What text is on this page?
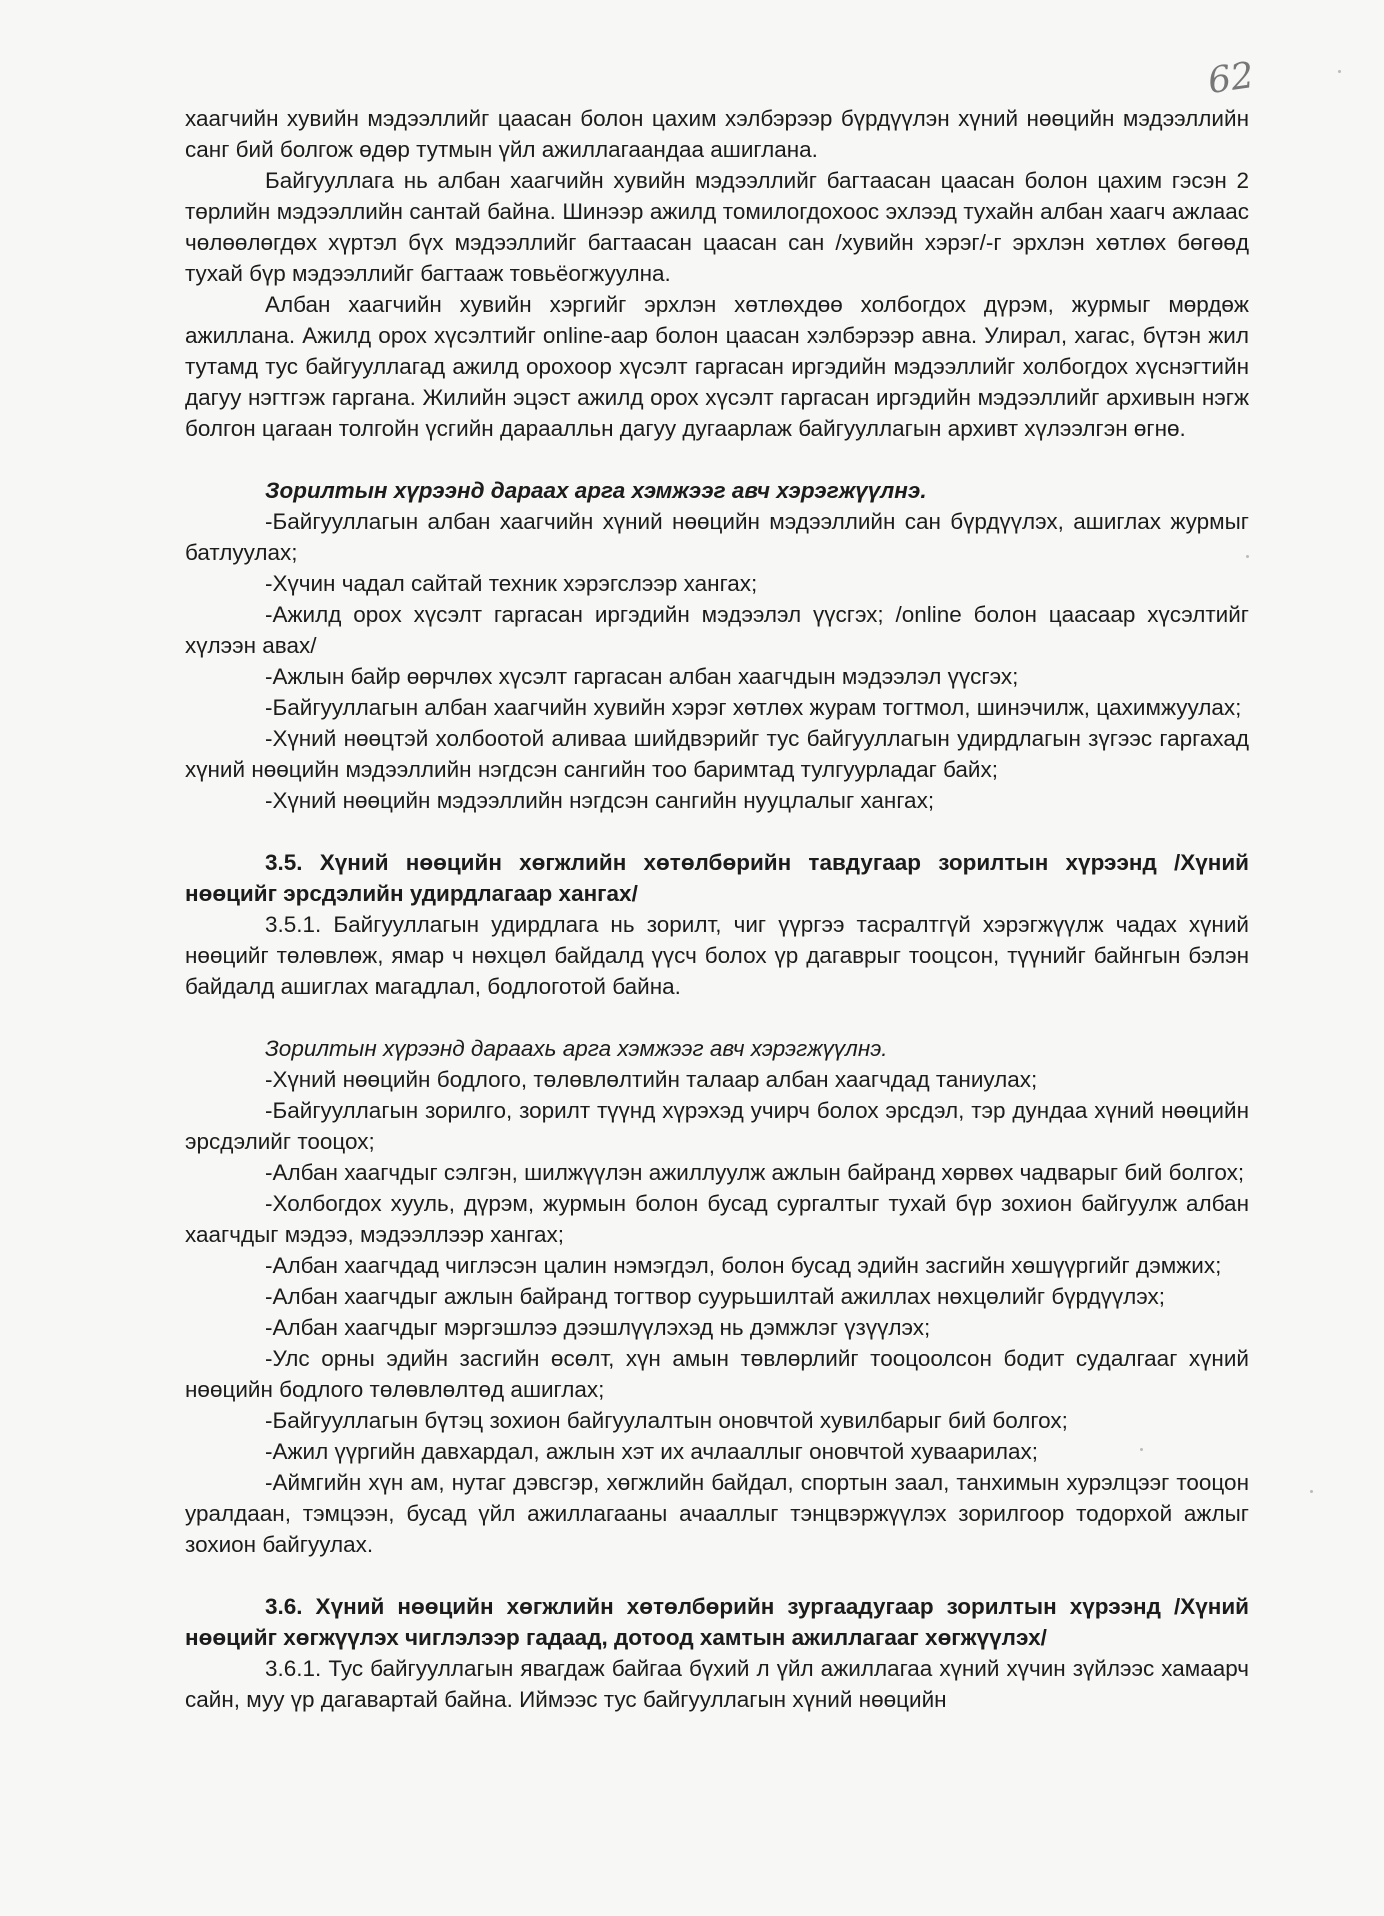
62

хаагчийн хувийн мэдээллийг цаасан болон цахим хэлбэрээр бүрдүүлэн хүний нөөцийн мэдээллийн санг бий болгож өдөр тутмын үйл ажиллагаандаа ашиглана.

Байгууллага нь албан хаагчийн хувийн мэдээллийг багтаасан цаасан болон цахим гэсэн 2 төрлийн мэдээллийн сантай байна. Шинээр ажилд томилогдохоос эхлээд тухайн албан хаагч ажлаас чөлөөлөгдөх хүртэл бүх мэдээллийг багтаасан цаасан сан /хувийн хэрэг/-г эрхлэн хөтлөх бөгөөд тухай бүр мэдээллийг багтааж товьёогжуулна.

Албан хаагчийн хувийн хэргийг эрхлэн хөтлөхдөө холбогдох дүрэм, журмыг мөрдөж ажиллана. Ажилд орох хүсэлтийг online-аар болон цаасан хэлбэрээр авна. Улирал, хагас, бүтэн жил тутамд тус байгууллагад ажилд орохоор хүсэлт гаргасан иргэдийн мэдээллийг холбогдох хүснэгтийн дагуу нэгтгэж гаргана. Жилийн эцэст ажилд орох хүсэлт гаргасан иргэдийн мэдээллийг архивын нэгж болгон цагаан толгойн үсгийн дараалльн дагуу дугаарлаж байгууллагын архивт хүлээлгэн өгнө.

Зорилтын хүрээнд дараах арга хэмжээг авч хэрэгжүүлнэ.

-Байгууллагын албан хаагчийн хүний нөөцийн мэдээллийн сан бүрдүүлэх, ашиглах журмыг батлуулах;

-Хүчин чадал сайтай техник хэрэгслээр хангах;

-Ажилд орох хүсэлт гаргасан иргэдийн мэдээлэл үүсгэх; /online болон цаасаар хүсэлтийг хүлээн авах/

-Ажлын байр өөрчлөх хүсэлт гаргасан албан хаагчдын мэдээлэл үүсгэх;

-Байгууллагын албан хаагчийн хувийн хэрэг хөтлөх журам тогтмол, шинэчилж, цахимжуулах;

-Хүний нөөцтэй холбоотой аливаа шийдвэрийг тус байгууллагын удирдлагын зүгээс гаргахад хүний нөөцийн мэдээллийн нэгдсэн сангийн тоо баримтад тулгуурладаг байх;

-Хүний нөөцийн мэдээллийн нэгдсэн сангийн нууцлалыг хангах;

3.5. Хүний нөөцийн хөгжлийн хөтөлбөрийн тавдугаар зорилтын хүрээнд /Хүний нөөцийг эрсдэлийн удирдлагаар хангах/

3.5.1. Байгууллагын удирдлага нь зорилт, чиг үүргээ тасралтгүй хэрэгжүүлж чадах хүний нөөцийг төлөвлөж, ямар ч нөхцөл байдалд үүсч болох үр дагаврыг тооцсон, түүнийг байнгын бэлэн байдалд ашиглах магадлал, бодлоготой байна.

Зорилтын хүрээнд дараахь арга хэмжээг авч хэрэгжүүлнэ.

-Хүний нөөцийн бодлого, төлөвлөлтийн талаар албан хаагчдад таниулах;

-Байгууллагын зорилго, зорилт түүнд хүрэхэд учирч болох эрсдэл, тэр дундаа хүний нөөцийн эрсдэлийг тооцох;

-Албан хаагчдыг сэлгэн, шилжүүлэн ажиллуулж ажлын байранд хөрвөх чадварыг бий болгох;

-Холбогдох хууль, дүрэм, журмын болон бусад сургалтыг тухай бүр зохион байгуулж албан хаагчдыг мэдээ, мэдээллээр хангах;

-Албан хаагчдад чиглэсэн цалин нэмэгдэл, болон бусад эдийн засгийн хөшүүргийг дэмжих;

-Албан хаагчдыг ажлын байранд тогтвор суурьшилтай ажиллах нөхцөлийг бүрдүүлэх;

-Албан хаагчдыг мэргэшлээ дээшлүүлэхэд нь дэмжлэг үзүүлэх;

-Улс орны эдийн засгийн өсөлт, хүн амын төвлөрлийг тооцоолсон бодит судалгааг хүний нөөцийн бодлого төлөвлөлтөд ашиглах;

-Байгууллагын бүтэц зохион байгуулалтын оновчтой хувилбарыг бий болгох;

-Ажил үүргийн давхардал, ажлын хэт их ачлааллыг оновчтой хуваарилах;

-Аймгийн хүн ам, нутаг дэвсгэр, хөгжлийн байдал, спортын заал, танхимын хурэлцээг тооцон уралдаан, тэмцээн, бусад үйл ажиллагааны ачааллыг тэнцвэржүүлэх зорилгоор тодорхой ажлыг зохион байгуулах.

3.6. Хүний нөөцийн хөгжлийн хөтөлбөрийн зургаадугаар зорилтын хүрээнд /Хүний нөөцийг хөгжүүлэх чиглэлээр гадаад, дотоод хамтын ажиллагааг хөгжүүлэх/

3.6.1. Тус байгууллагын явагдаж байгаа бүхий л үйл ажиллагаа хүний хүчин зүйлээс хамаарч сайн, муу үр дагавартай байна. Иймээс тус байгууллагын хүний нөөцийн
